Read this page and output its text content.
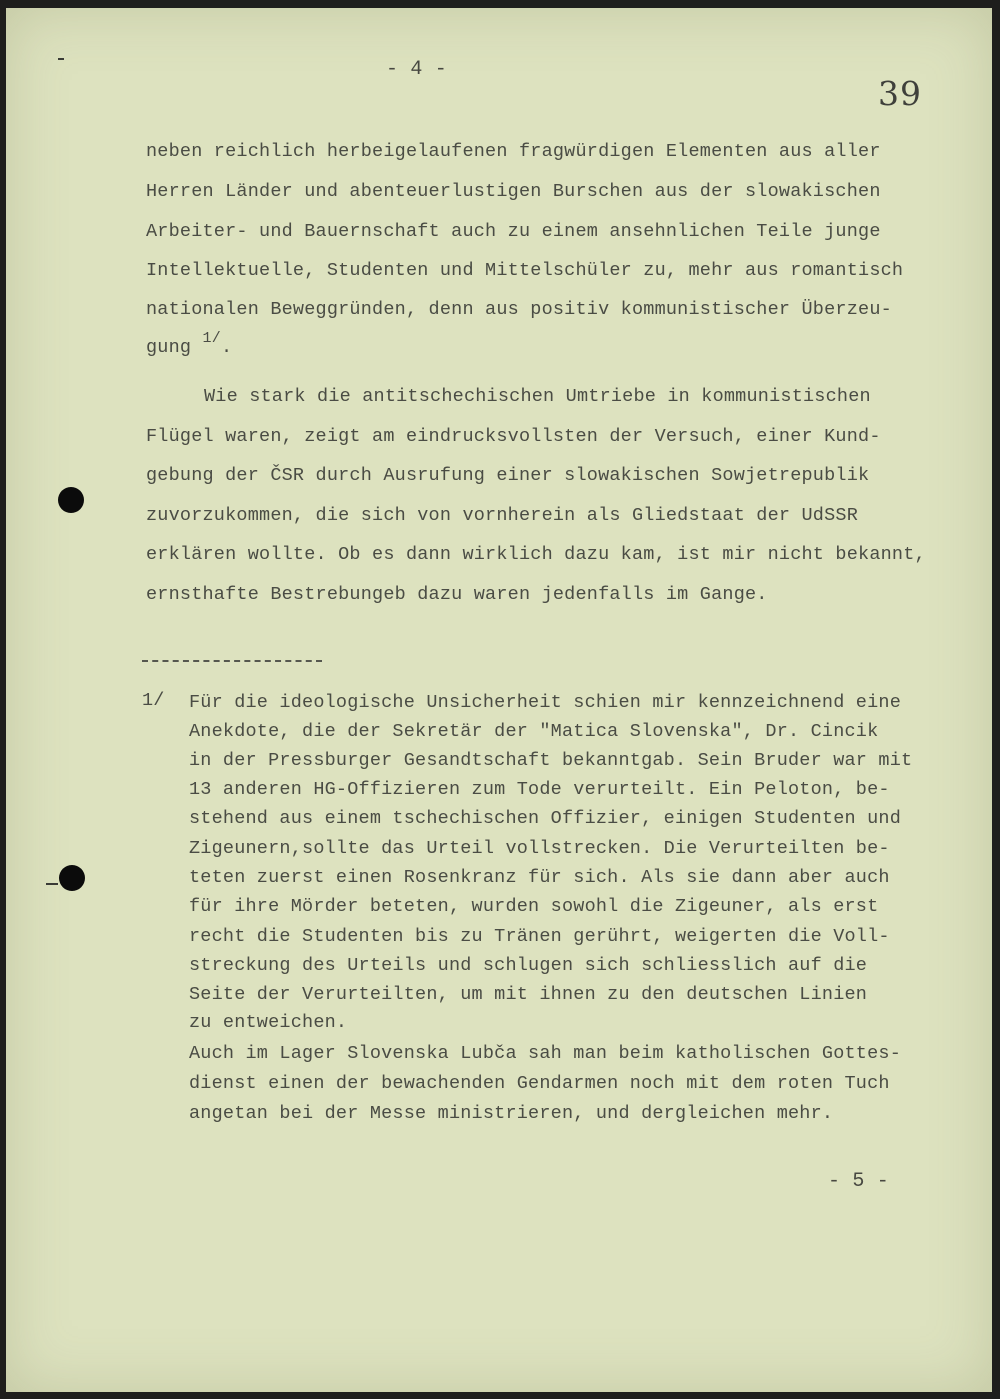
- 4 -
39
neben reichlich herbeigelaufenen fragwürdigen Elementen aus aller
Herren Länder und abenteuerlustigen Burschen aus der slowakischen
Arbeiter- und Bauernschaft auch zu einem ansehnlichen Teile junge
Intellektuelle, Studenten und Mittelschüler zu, mehr aus romantisch
nationalen Beweggründen, denn aus positiv kommunistischer Überzeu-
gung $^{1/}$.
Wie stark die antitschechischen Umtriebe in kommunistischen
Flügel waren, zeigt am eindrucksvollsten der Versuch, einer Kund-
gebung der ČSR durch Ausrufung einer slowakischen Sowjetrepublik
zuvorzukommen, die sich von vornherein als Gliedstaat der UdSSR
erklären wollte. Ob es dann wirklich dazu kam, ist mir nicht bekannt,
ernsthafte Bestrebungeb dazu waren jedenfalls im Gange.
1/ Für die ideologische Unsicherheit schien mir kennzeichnend eine
Anekdote, die der Sekretär der "Matica Slovenska", Dr. Cincik
in der Pressburger Gesandtschaft bekanntgab. Sein Bruder war mit
13 anderen HG-Offizieren zum Tode verurteilt. Ein Peloton, be-
stehend aus einem tschechischen Offizier, einigen Studenten und
Zigeunern,sollte das Urteil vollstrecken. Die Verurteilten be-
teten zuerst einen Rosenkranz für sich. Als sie dann aber auch
für ihre Mörder beteten, wurden sowohl die Zigeuner, als erst
recht die Studenten bis zu Tränen gerührt, weigerten die Voll-
streckung des Urteils und schlugen sich schliesslich auf die
Seite der Verurteilten, um mit ihnen zu den deutschen Linien
zu entweichen.
Auch im Lager Slovenska Lubča sah man beim katholischen Gottes-
dienst einen der bewachenden Gendarmen noch mit dem roten Tuch
angetan bei der Messe ministrieren, und dergleichen mehr.
- 5 -
